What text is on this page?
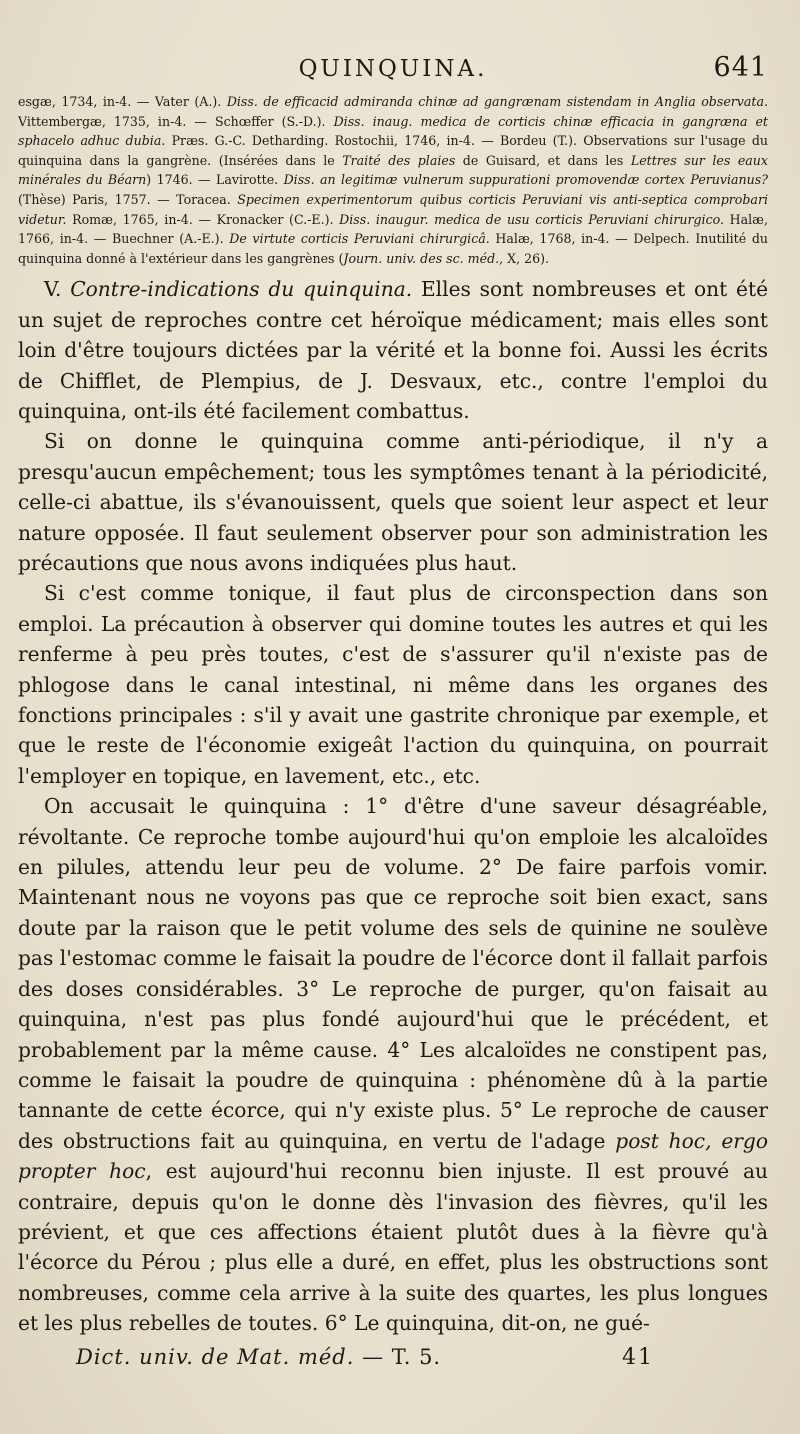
QUINQUINA.	641

esgæ, 1734, in-4. — Vater (A.). Diss. de efficacid admiranda chinæ ad gangrænam sistendam in Anglia observata. Vittembergæ, 1735, in-4. — Schœffer (S.-D.). Diss. inaug. medica de corticis chinæ efficacia in gangræna et sphacelo adhuc dubia. Præs. G.-C. Detharding. Rostochii, 1746, in-4. — Bordeu (T.). Observations sur l'usage du quinquina dans la gangrène. (Insérées dans le Traité des plaies de Guisard, et dans les Lettres sur les eaux minérales du Béarn) 1746. — Lavirotte. Diss. an legitimæ vulnerum suppurationi promovendæ cortex Peruvianus? (Thèse) Paris, 1757. — Toracea. Specimen experimentorum quibus corticis Peruviani vis anti-septica comprobari videtur. Romæ, 1765, in-4. — Kronacker (C.-E.). Diss. inaugur. medica de usu corticis Peruviani chirurgico. Halæ, 1766, in-4. — Buechner (A.-E.). De virtute corticis Peruviani chirurgicâ. Halæ, 1768, in-4. — Delpech. Inutilité du quinquina donné à l'extérieur dans les gangrènes (Journ. univ. des sc. méd., X, 26).

V. Contre-indications du quinquina. Elles sont nombreuses et ont été un sujet de reproches contre cet héroïque médicament; mais elles sont loin d'être toujours dictées par la vérité et la bonne foi. Aussi les écrits de Chifflet, de Plempius, de J. Desvaux, etc., contre l'emploi du quinquina, ont-ils été facilement combattus.

Si on donne le quinquina comme anti-périodique, il n'y a presqu'aucun empêchement; tous les symptômes tenant à la périodicité, celle-ci abattue, ils s'évanouissent, quels que soient leur aspect et leur nature opposée. Il faut seulement observer pour son administration les précautions que nous avons indiquées plus haut.

Si c'est comme tonique, il faut plus de circonspection dans son emploi. La précaution à observer qui domine toutes les autres et qui les renferme à peu près toutes, c'est de s'assurer qu'il n'existe pas de phlogose dans le canal intestinal, ni même dans les organes des fonctions principales : s'il y avait une gastrite chronique par exemple, et que le reste de l'économie exigeât l'action du quinquina, on pourrait l'employer en topique, en lavement, etc., etc.

On accusait le quinquina : 1° d'être d'une saveur désagréable, révoltante. Ce reproche tombe aujourd'hui qu'on emploie les alcaloïdes en pilules, attendu leur peu de volume. 2° De faire parfois vomir. Maintenant nous ne voyons pas que ce reproche soit bien exact, sans doute par la raison que le petit volume des sels de quinine ne soulève pas l'estomac comme le faisait la poudre de l'écorce dont il fallait parfois des doses considérables. 3° Le reproche de purger, qu'on faisait au quinquina, n'est pas plus fondé aujourd'hui que le précédent, et probablement par la même cause. 4° Les alcaloïdes ne constipent pas, comme le faisait la poudre de quinquina : phénomène dû à la partie tannante de cette écorce, qui n'y existe plus. 5° Le reproche de causer des obstructions fait au quinquina, en vertu de l'adage post hoc, ergo propter hoc, est aujourd'hui reconnu bien injuste. Il est prouvé au contraire, depuis qu'on le donne dès l'invasion des fièvres, qu'il les prévient, et que ces affections étaient plutôt dues à la fièvre qu'à l'écorce du Pérou ; plus elle a duré, en effet, plus les obstructions sont nombreuses, comme cela arrive à la suite des quartes, les plus longues et les plus rebelles de toutes. 6° Le quinquina, dit-on, ne gué-

Dict. univ. de Mat. méd. — T. 5.	41
